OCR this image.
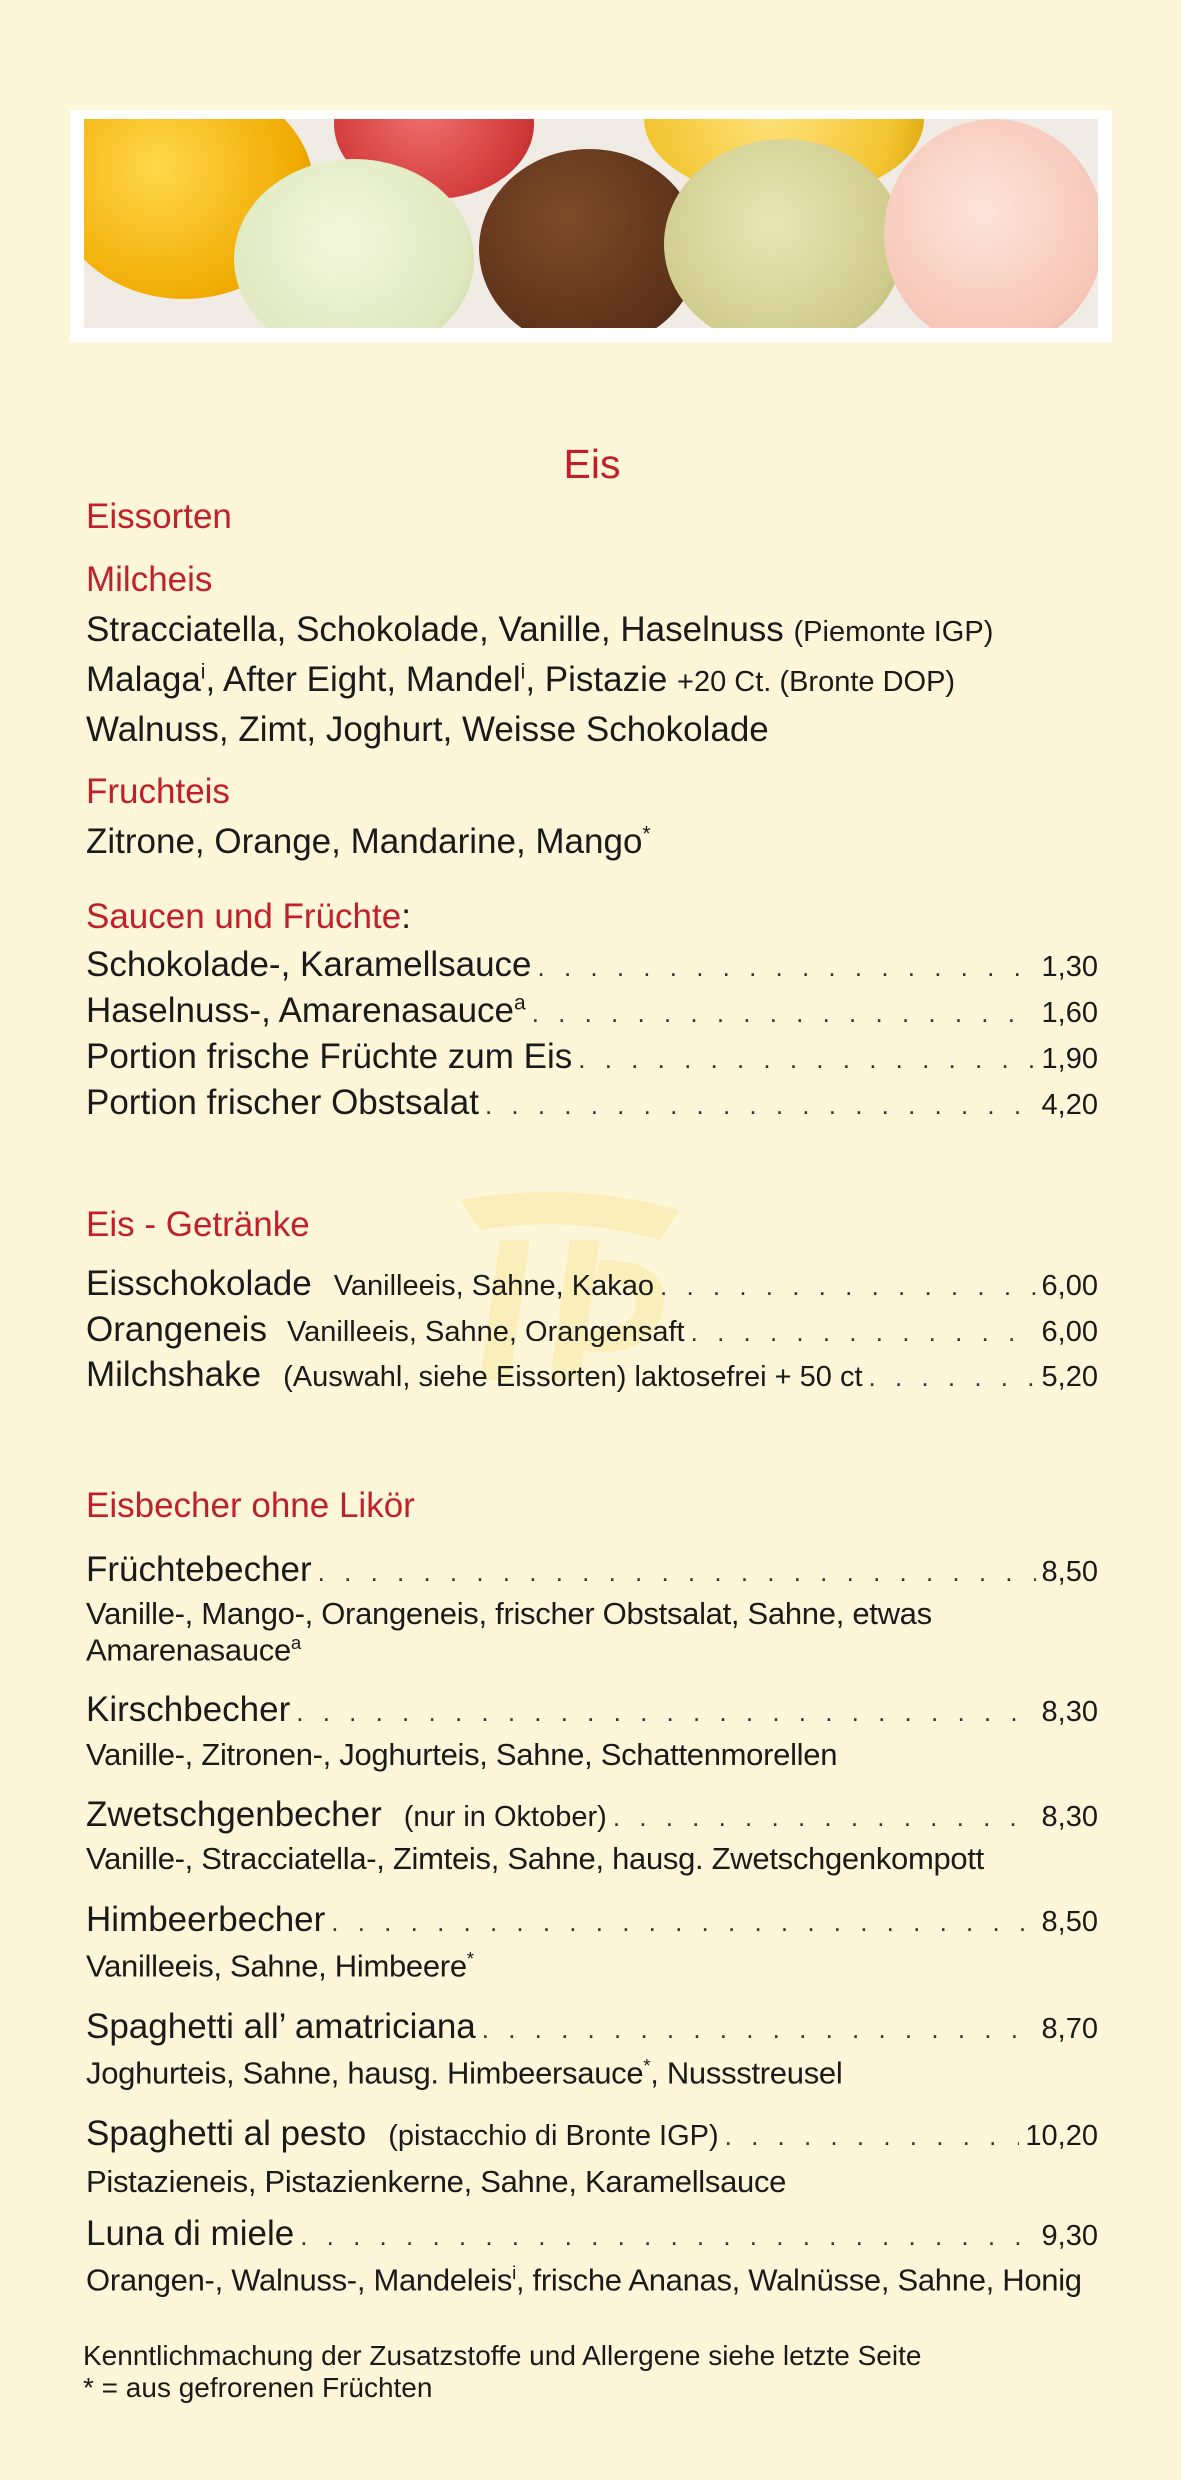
Eis
Eissorten
Milcheis
Stracciatella, Schokolade, Vanille, Haselnuss (Piemonte IGP)
Malaga$^i$, After Eight, Mandel$^i$, Pistazie +20 Ct. (Bronte DOP)
Walnuss, Zimt, Joghurt, Weisse Schokolade
Fruchteis
Zitrone, Orange, Mandarine, Mango*
Saucen und Früchte:
Schokolade-, Karamellsauce . . .	1,30
Haselnuss-, Amarenasauce$^a$ . . .	1,60
Portion frische Früchte zum Eis . . .	1,90
Portion frischer Obstsalat . . .	4,20
Eis - Getränke
Eisschokolade Vanilleeis, Sahne, Kakao . . .	6,00
Orangeneis Vanilleeis, Sahne, Orangensaft . . .	6,00
Milchshake (Auswahl, siehe Eissorten) laktosefrei + 50 ct . . .	5,20
Eisbecher ohne Likör
Früchtebecher . . .	8,50
Vanille-, Mango-, Orangeneis, frischer Obstsalat, Sahne, etwas
Amarenasauce$^a$
Kirschbecher . . .	8,30
Vanille-, Zitronen-, Joghurteis, Sahne, Schattenmorellen
Zwetschgenbecher (nur in Oktober) . . .	8,30
Vanille-, Stracciatella-, Zimteis, Sahne, hausg. Zwetschgenkompott
Himbeerbecher . . .	8,50
Vanilleeis, Sahne, Himbeere*
Spaghetti all’ amatriciana . . .	8,70
Joghurteis, Sahne, hausg. Himbeersauce*, Nussstreusel
Spaghetti al pesto (pistacchio di Bronte IGP) . . .	10,20
Pistazieneis, Pistazienkerne, Sahne, Karamellsauce
Luna di miele . . .	9,30
Orangen-, Walnuss-, Mandeleis$^i$, frische Ananas, Walnüsse, Sahne, Honig
Kenntlichmachung der Zusatzstoffe und Allergene siehe letzte Seite
* = aus gefrorenen Früchten
